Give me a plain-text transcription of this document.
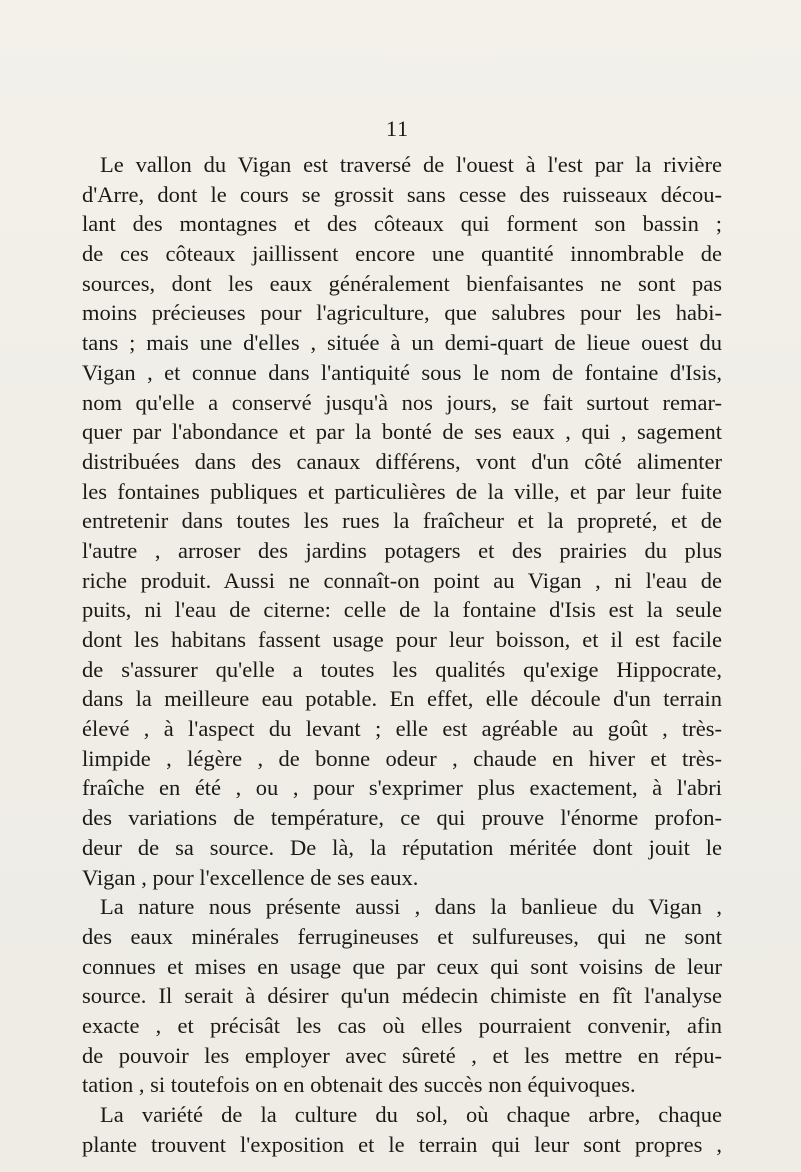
11
Le vallon du Vigan est traversé de l'ouest à l'est par la rivière
d'Arre, dont le cours se grossit sans cesse des ruisseaux décou-
lant des montagnes et des côteaux qui forment son bassin ;
de ces côteaux jaillissent encore une quantité innombrable de
sources, dont les eaux généralement bienfaisantes ne sont pas
moins précieuses pour l'agriculture, que salubres pour les habi-
tans ; mais une d'elles , située à un demi-quart de lieue ouest du
Vigan , et connue dans l'antiquité sous le nom de fontaine d'Isis,
nom qu'elle a conservé jusqu'à nos jours, se fait surtout remar-
quer par l'abondance et par la bonté de ses eaux , qui , sagement
distribuées dans des canaux différens, vont d'un côté alimenter
les fontaines publiques et particulières de la ville, et par leur fuite
entretenir dans toutes les rues la fraîcheur et la propreté, et de
l'autre , arroser des jardins potagers et des prairies du plus
riche produit. Aussi ne connaît-on point au Vigan , ni l'eau de
puits, ni l'eau de citerne: celle de la fontaine d'Isis est la seule
dont les habitans fassent usage pour leur boisson, et il est facile
de s'assurer qu'elle a toutes les qualités qu'exige Hippocrate,
dans la meilleure eau potable. En effet, elle découle d'un terrain
élevé , à l'aspect du levant ; elle est agréable au goût , très-
limpide , légère , de bonne odeur , chaude en hiver et très-
fraîche en été , ou , pour s'exprimer plus exactement, à l'abri
des variations de température, ce qui prouve l'énorme profon-
deur de sa source. De là, la réputation méritée dont jouit le
Vigan , pour l'excellence de ses eaux.
La nature nous présente aussi , dans la banlieue du Vigan ,
des eaux minérales ferrugineuses et sulfureuses, qui ne sont
connues et mises en usage que par ceux qui sont voisins de leur
source. Il serait à désirer qu'un médecin chimiste en fît l'analyse
exacte , et précisât les cas où elles pourraient convenir, afin
de pouvoir les employer avec sûreté , et les mettre en répu-
tation , si toutefois on en obtenait des succès non équivoques.
La variété de la culture du sol, où chaque arbre, chaque
plante trouvent l'exposition et le terrain qui leur sont propres ,
